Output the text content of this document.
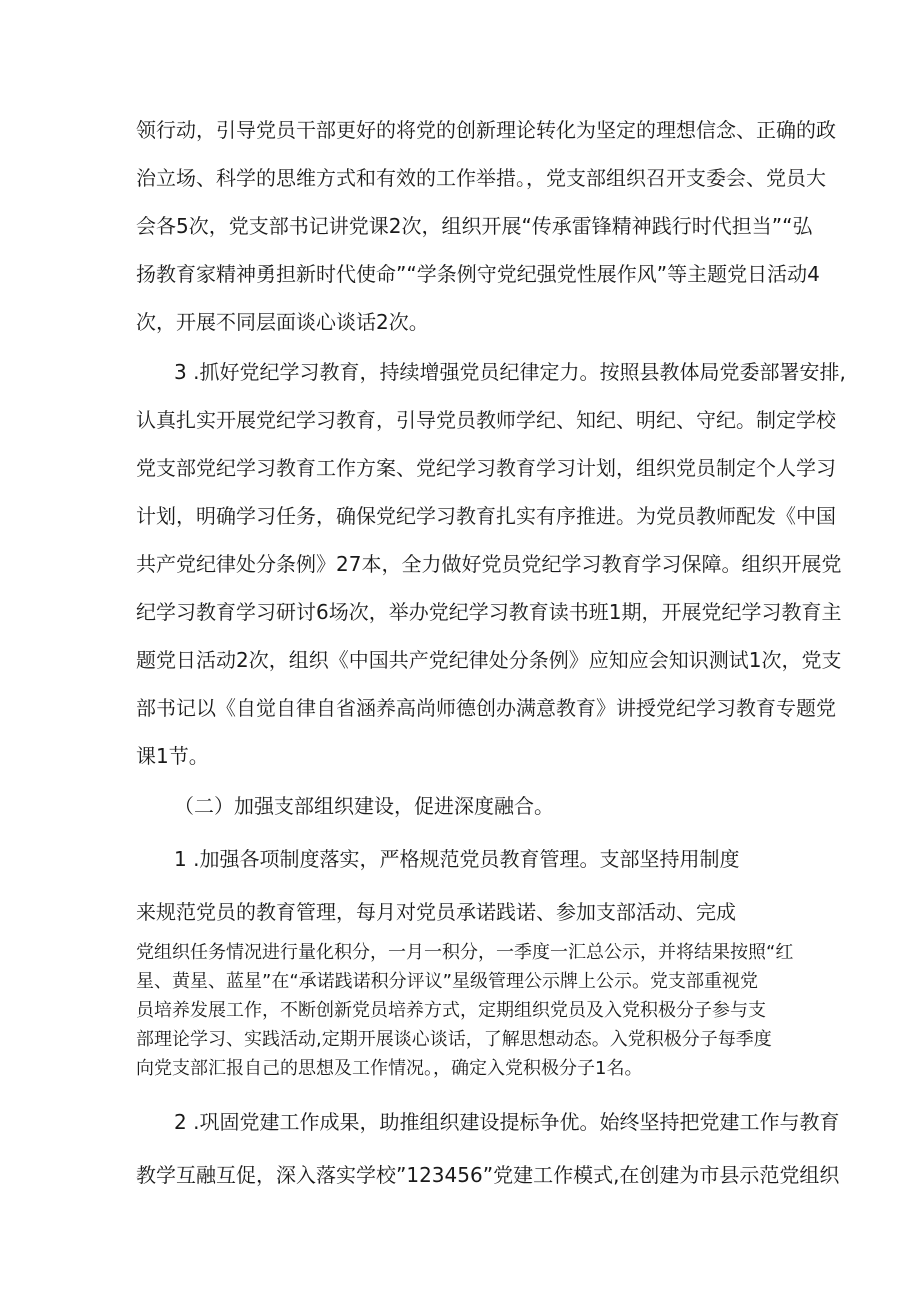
领行动，引导党员干部更好的将党的创新理论转化为坚定的理想信念、正确的政
治立场、科学的思维方式和有效的工作举措。，党支部组织召开支委会、党员大
会各5次，党支部书记讲党课2次，组织开展“传承雷锋精神践行时代担当”“弘
扬教育家精神勇担新时代使命”“学条例守党纪强党性展作风”等主题党日活动4
次，开展不同层面谈心谈话2次。
3 .抓好党纪学习教育，持续增强党员纪律定力。按照县教体局党委部署安排,
认真扎实开展党纪学习教育，引导党员教师学纪、知纪、明纪、守纪。制定学校
党支部党纪学习教育工作方案、党纪学习教育学习计划，组织党员制定个人学习
计划，明确学习任务，确保党纪学习教育扎实有序推进。为党员教师配发《中国
共产党纪律处分条例》27本，全力做好党员党纪学习教育学习保障。组织开展党
纪学习教育学习研讨6场次，举办党纪学习教育读书班1期，开展党纪学习教育主
题党日活动2次，组织《中国共产党纪律处分条例》应知应会知识测试1次，党支
部书记以《自觉自律自省涵养高尚师德创办满意教育》讲授党纪学习教育专题党
课1节。
（二）加强支部组织建设，促进深度融合。
1 .加强各项制度落实，严格规范党员教育管理。支部坚持用制度
来规范党员的教育管理，每月对党员承诺践诺、参加支部活动、完成
党组织任务情况进行量化积分，一月一积分，一季度一汇总公示，并将结果按照“红
星、黄星、蓝星”在“承诺践诺积分评议”星级管理公示牌上公示。党支部重视党
员培养发展工作，不断创新党员培养方式，定期组织党员及入党积极分子参与支
部理论学习、实践活动,定期开展谈心谈话，了解思想动态。入党积极分子每季度
向党支部汇报自己的思想及工作情况。，确定入党积极分子1名。
2 .巩固党建工作成果，助推组织建设提标争优。始终坚持把党建工作与教育
教学互融互促，深入落实学校”123456”党建工作模式,在创建为市县示范党组织
